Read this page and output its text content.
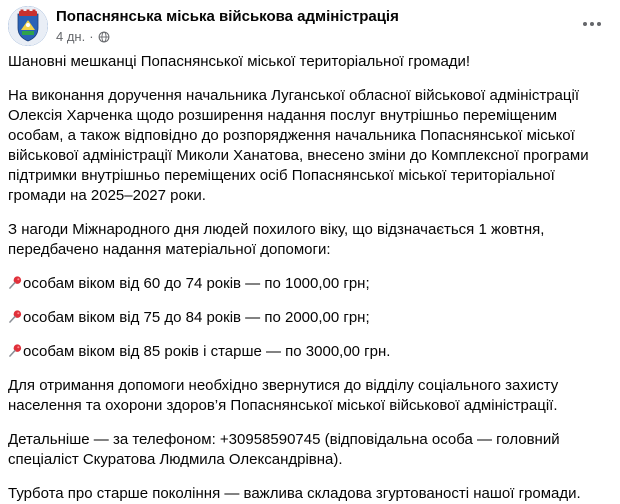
Попаснянська міська військова адміністрація
4 дн. ·

Шановні мешканці Попаснянської міської територіальної громади!

На виконання доручення начальника Луганської обласної військової адміністрації Олексія Харченка щодо розширення надання послуг внутрішньо переміщеним особам, а також відповідно до розпорядження начальника Попаснянської міської військової адміністрації Миколи Ханатова, внесено зміни до Комплексної програми підтримки внутрішньо переміщених осіб Попаснянської міської територіальної громади на 2025–2027 роки.

З нагоди Міжнародного дня людей похилого віку, що відзначається 1 жовтня, передбачено надання матеріальної допомоги:

особам віком від 60 до 74 років — по 1000,00 грн;

особам віком від 75 до 84 років — по 2000,00 грн;

особам віком від 85 років і старше — по 3000,00 грн.

Для отримання допомоги необхідно звернутися до відділу соціального захисту населення та охорони здоров’я Попаснянської міської військової адміністрації.

Детальніше — за телефоном: +30958590745 (відповідальна особа — головний спеціаліст Скуратова Людмила Олександрівна).

Турбота про старше покоління — важлива складова згуртованості нашої громади.
